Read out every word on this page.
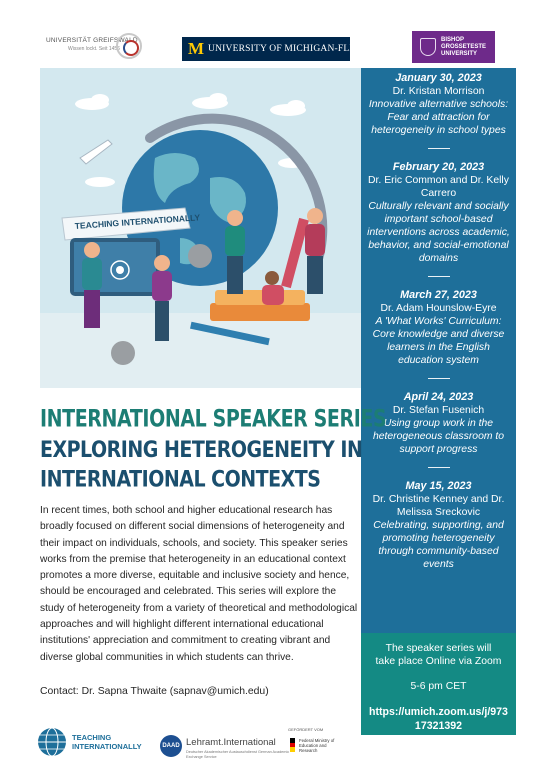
UNIVERSITÄT GREIFSWALD
Wissen lockt. Seit 1456	M UNIVERSITY OF MICHIGAN-FLINT
BISHOP
GROSSETESTE
UNIVERSITY
TEACHING INTERNATIONALLY
January 30, 2023
Dr. Kristan Morrison
Innovative alternative schools: Fear and attraction for heterogeneity in school types
February 20, 2023
Dr. Eric Common and Dr. Kelly Carrero
Culturally relevant and socially important school-based interventions across academic, behavior, and social-emotional domains
March 27, 2023
Dr. Adam Hounslow-Eyre
A 'What Works' Curriculum: Core knowledge and diverse learners in the English education system
April 24, 2023
Dr. Stefan Fusenich
Using group work in the heterogeneous classroom to support progress
May 15, 2023
Dr. Christine Kenney and Dr. Melissa Sreckovic
Celebrating, supporting, and promoting heterogeneity through community-based events
The speaker series will take place Online via Zoom
5-6 pm CET
https://umich.zoom.us/j/97317321392
INTERNATIONAL SPEAKER SERIES
EXPLORING HETEROGENEITY IN INTERNATIONAL CONTEXTS
In recent times, both school and higher educational research has broadly focused on different social dimensions of heterogeneity and their impact on individuals, schools, and society. This speaker series works from the premise that heterogeneity in an educational context promotes a more diverse, equitable and inclusive society and hence, should be encouraged and celebrated. This series will explore the study of heterogeneity from a variety of theoretical and methodological approaches and will highlight different international educational institutions' appreciation and commitment to creating vibrant and diverse global communities in which students can thrive.
Contact: Dr. Sapna Thwaite (sapnav@umich.edu)
TEACHING
INTERNATIONALLY	DAAD Lehramt.International
Deutscher Akademischer Austauschdienst German Academic Exchange Service
GEFÖRDERT VOM
Federal Ministry of Education and Research
